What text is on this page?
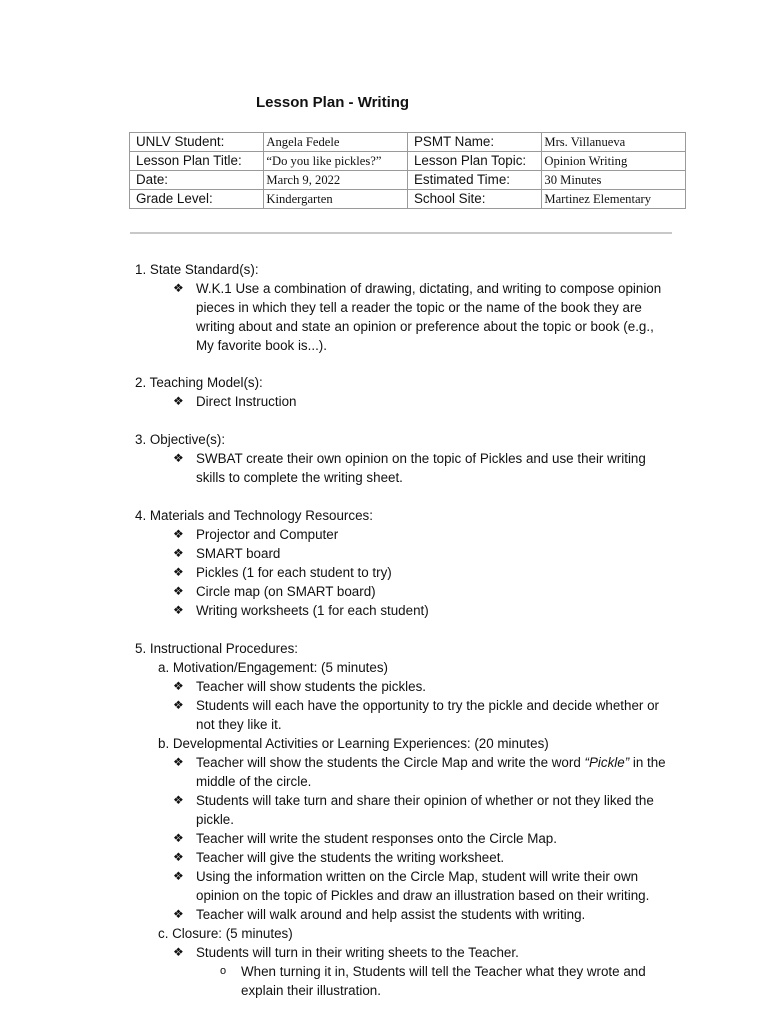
Lesson Plan - Writing
UNLV Student:	Angela Fedele	PSMT Name:	Mrs. Villanueva
Lesson Plan Title:	“Do you like pickles?”	Lesson Plan Topic:	Opinion Writing
Date:	March 9, 2022	Estimated Time:	30 Minutes
Grade Level:	Kindergarten	School Site:	Martinez Elementary
1. State Standard(s):
❖ W.K.1 Use a combination of drawing, dictating, and writing to compose opinion
pieces in which they tell a reader the topic or the name of the book they are
writing about and state an opinion or preference about the topic or book (e.g.,
My favorite book is...).
2. Teaching Model(s):
❖ Direct Instruction
3. Objective(s):
❖ SWBAT create their own opinion on the topic of Pickles and use their writing
skills to complete the writing sheet.
4. Materials and Technology Resources:
❖ Projector and Computer
❖ SMART board
❖ Pickles (1 for each student to try)
❖ Circle map (on SMART board)
❖ Writing worksheets (1 for each student)
5. Instructional Procedures:
a. Motivation/Engagement: (5 minutes)
❖ Teacher will show students the pickles.
❖ Students will each have the opportunity to try the pickle and decide whether or
not they like it.
b. Developmental Activities or Learning Experiences: (20 minutes)
❖ Teacher will show the students the Circle Map and write the word “Pickle” in the
middle of the circle.
❖ Students will take turn and share their opinion of whether or not they liked the
pickle.
❖ Teacher will write the student responses onto the Circle Map.
❖ Teacher will give the students the writing worksheet.
❖ Using the information written on the Circle Map, student will write their own
opinion on the topic of Pickles and draw an illustration based on their writing.
❖ Teacher will walk around and help assist the students with writing.
c. Closure: (5 minutes)
❖ Students will turn in their writing sheets to the Teacher.
o When turning it in, Students will tell the Teacher what they wrote and
explain their illustration.
